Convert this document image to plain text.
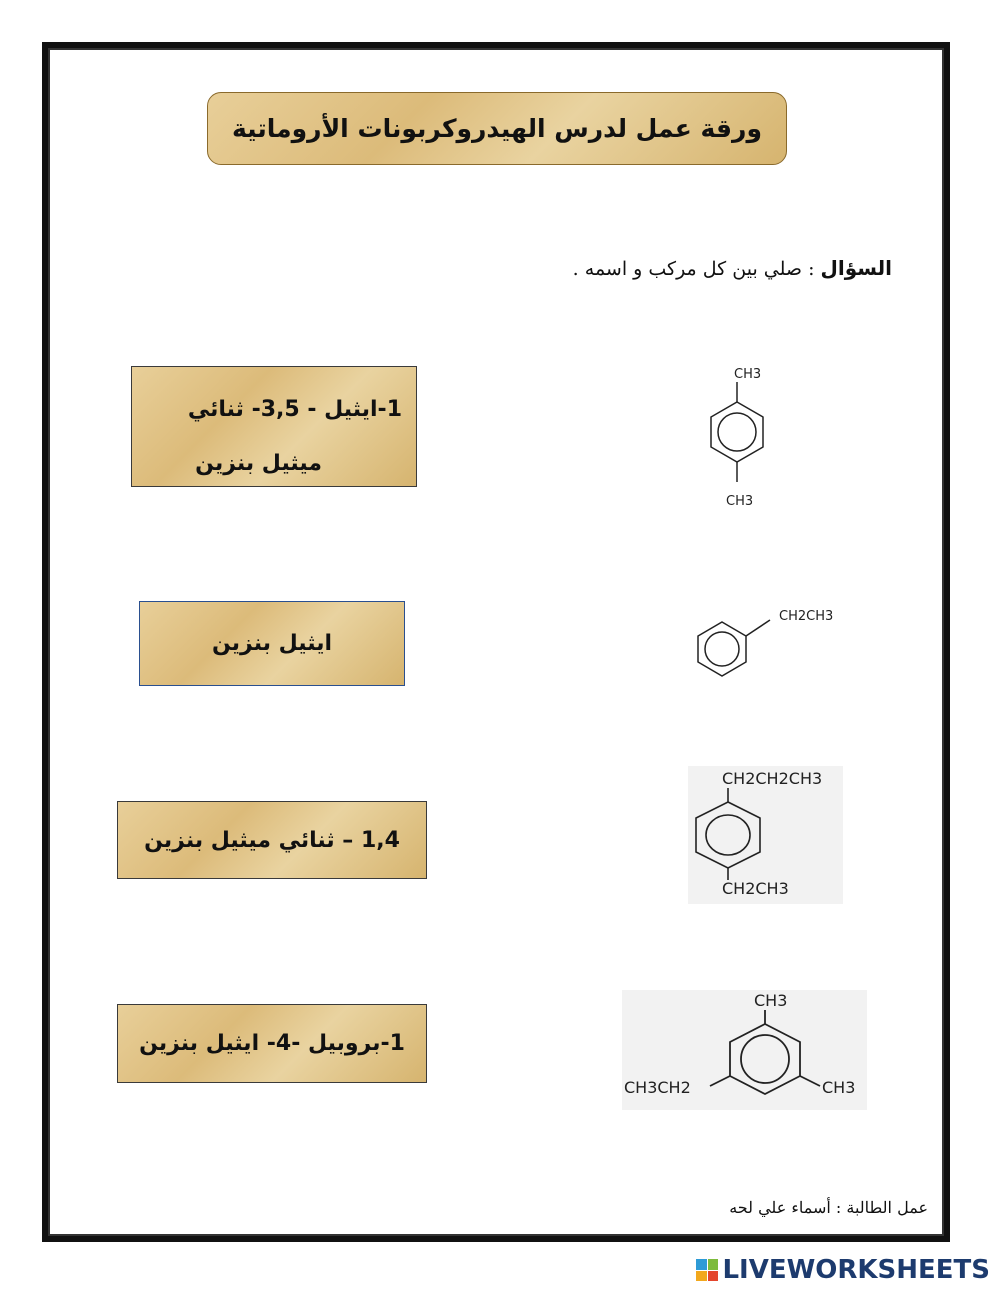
ورقة عمل لدرس الهيدروكربونات الأروماتية
السؤال : صلي بين كل مركب و اسمه .
1-ايثيل - 3,5- ثنائي
ميثيل بنزين
ايثيل بنزين
1,4 – ثنائي ميثيل بنزين
1-بروبيل -4- ايثيل بنزين
CH3
CH3
CH2CH3
CH2CH2CH3
CH2CH3
CH3
CH3CH2	CH3
عمل الطالبة : أسماء علي لحه
LIVEWORKSHEETS
